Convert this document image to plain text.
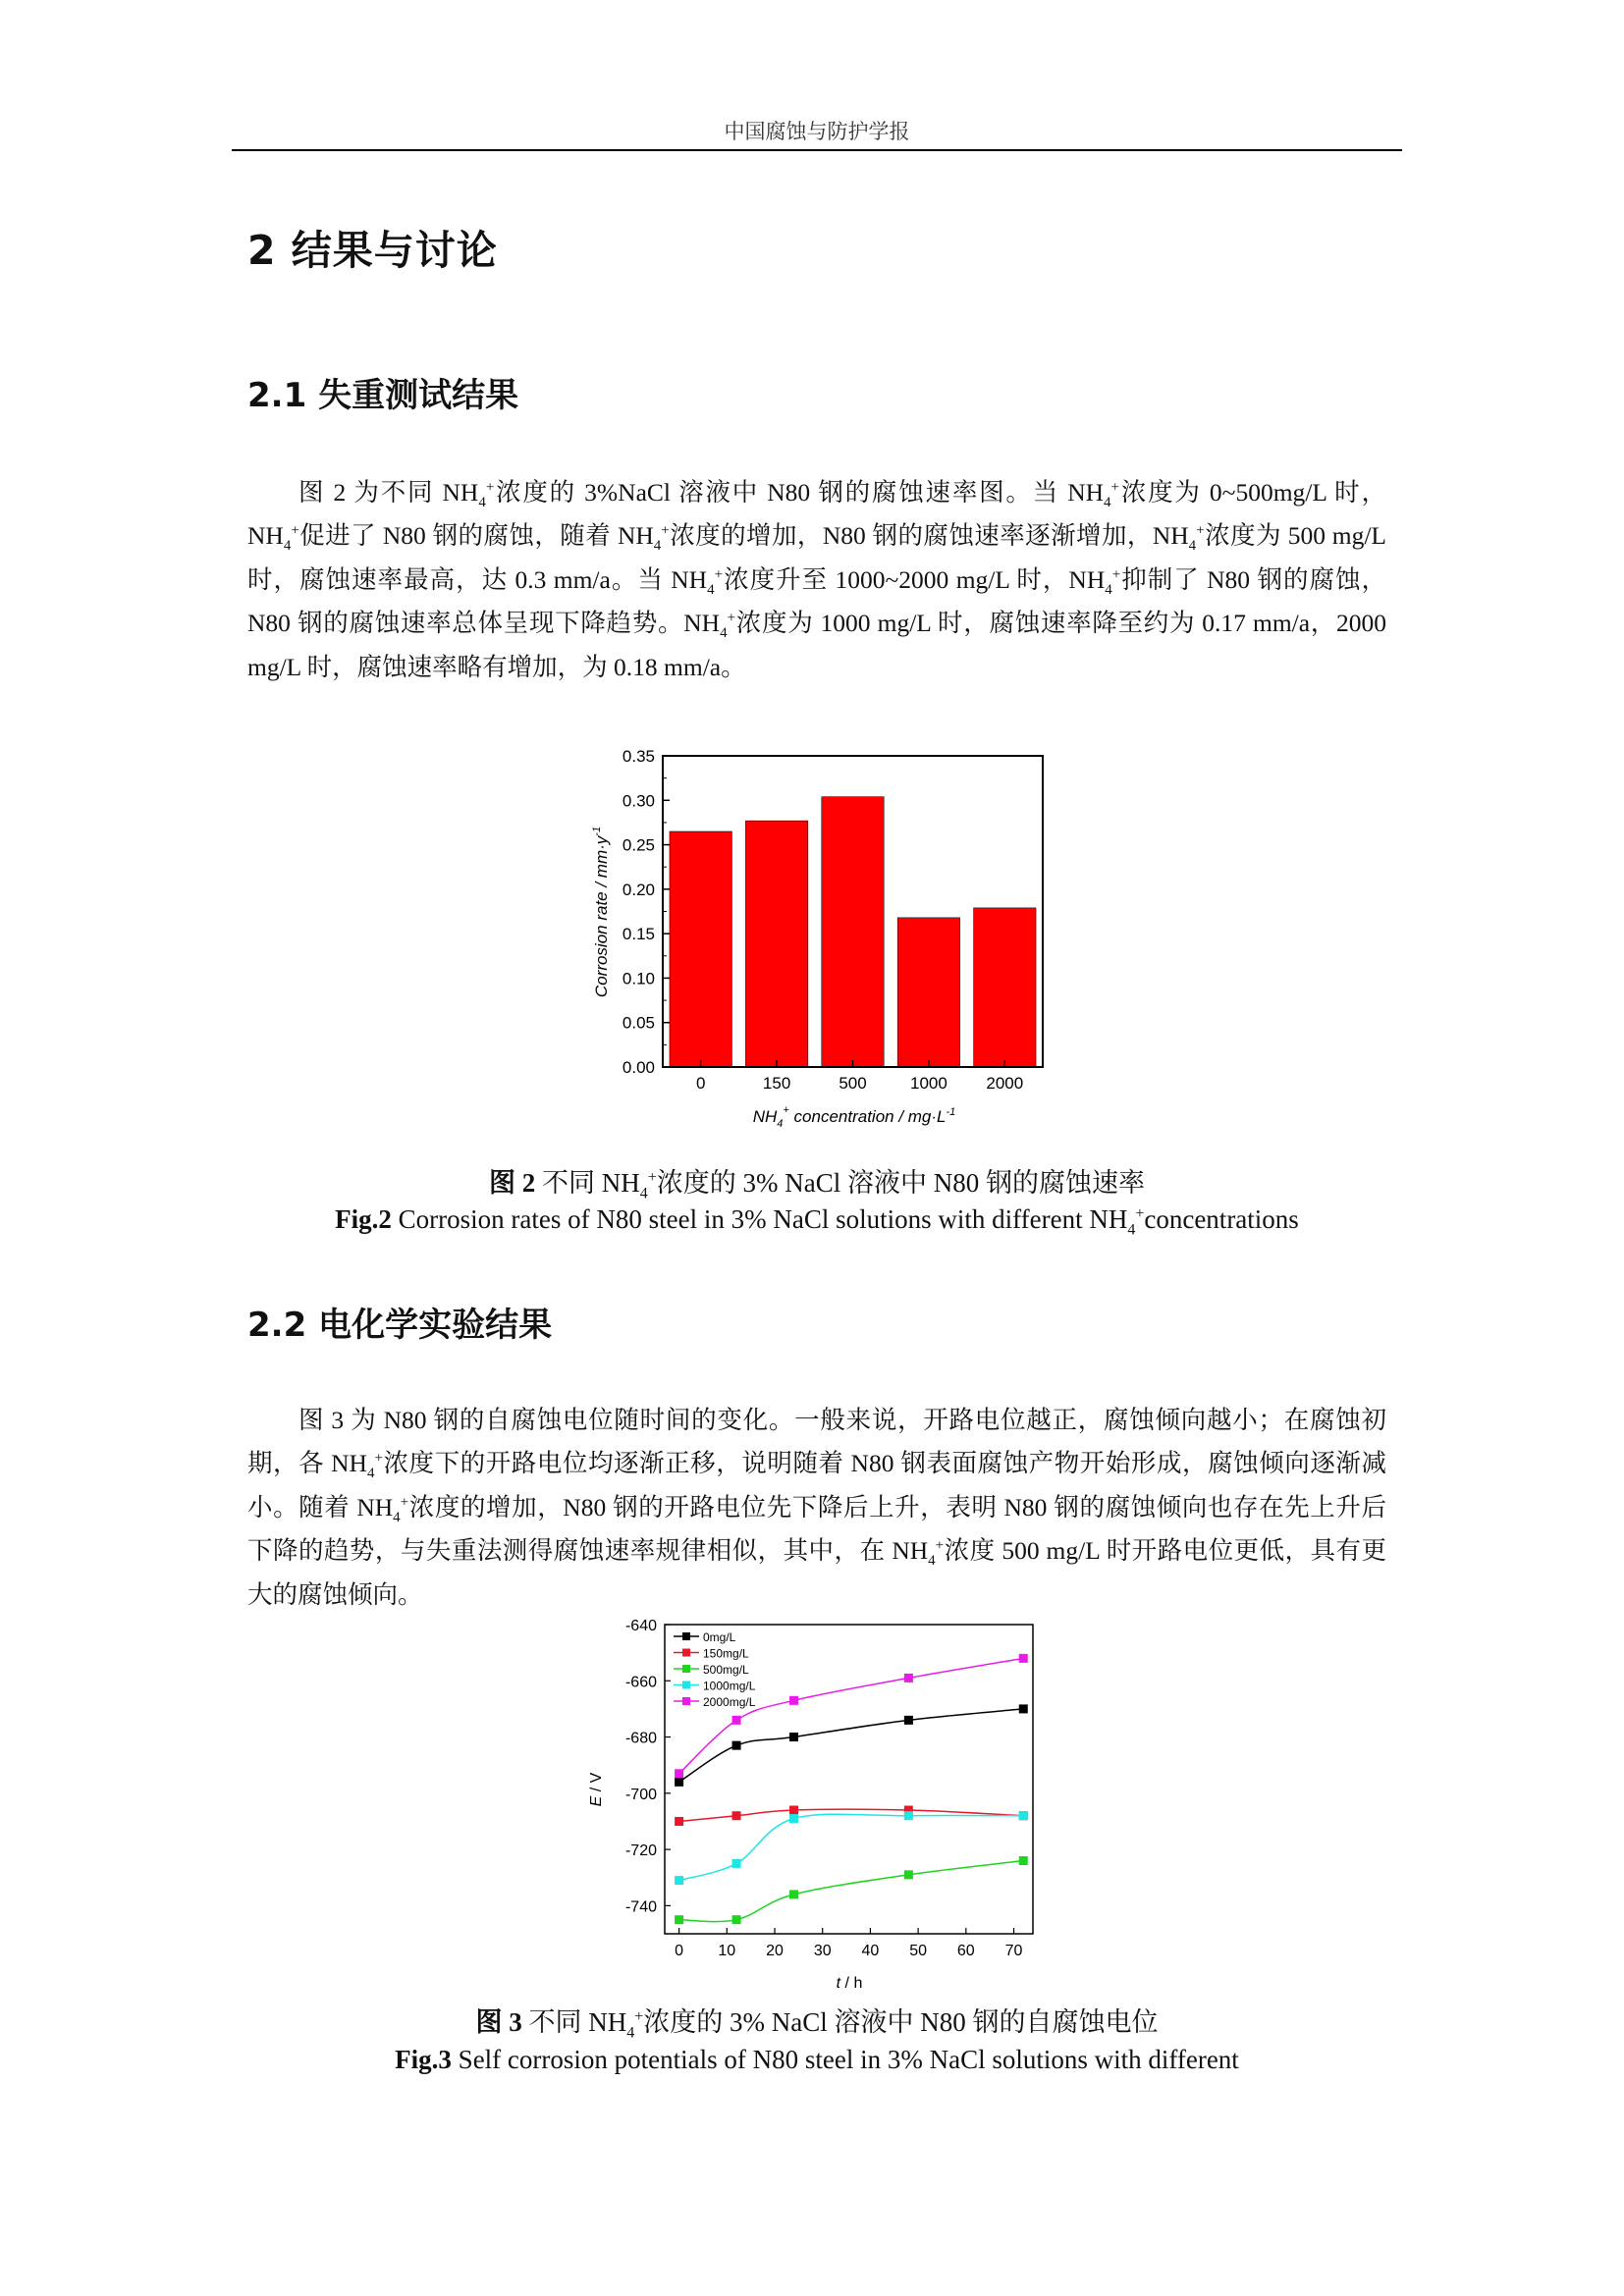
中国腐蚀与防护学报
2 结果与讨论
2.1 失重测试结果

图 2 为不同 $NH_4^+$浓度的 3%NaCl 溶液中 N80 钢的腐蚀速率图。当 $NH_4^+$浓度为 0~500mg/L 时，$NH_4^+$促进了 N80 钢的腐蚀，随着 $NH_4^+$浓度的增加，N80 钢的腐蚀速率逐渐增加，$NH_4^+$浓度为 500 mg/L 时，腐蚀速率最高，达 0.3 mm/a。当 $NH_4^+$浓度升至 1000~2000 mg/L 时，$NH_4^+$抑制了 N80 钢的腐蚀，N80 钢的腐蚀速率总体呈现下降趋势。$NH_4^+$浓度为 1000 mg/L 时，腐蚀速率降至约为 0.17 mm/a，2000 mg/L 时，腐蚀速率略有增加，为 0.18 mm/a。

0.00
0.05
0.10
0.15
0.20
0.25
0.30
0.35
0	150	500	1000 2000
Corrosion rate / $mm\cdot y^{-1}$
$NH_4^+$ concentration / $mg\cdot L^{-1}$

图 2 不同 $NH_4^+$浓度的 3% NaCl 溶液中 N80 钢的腐蚀速率

Fig.2 Corrosion rates of N80 steel in 3% NaCl solutions with different $NH_4^+concentrations$

2.2 电化学实验结果

图 3 为 N80 钢的自腐蚀电位随时间的变化。一般来说，开路电位越正，腐蚀倾向越小；在腐蚀初期，各 $NH_4^+$浓度下的开路电位均逐渐正移，说明随着 N80 钢表面腐蚀产物开始形成，腐蚀倾向逐渐减小。随着 $NH_4^+$浓度的增加，N80 钢的开路电位先下降后上升，表明 N80 钢的腐蚀倾向也存在先上升后下降的趋势，与失重法测得腐蚀速率规律相似，其中，在 $NH_4^+$浓度 500 mg/L 时开路电位更低，具有更大的腐蚀倾向。

-640
-660
-680
-700
-720
-740
0 10 20 30 40 50 60 70
0mg/L
150mg/L
500mg/L
1000mg/L
2000mg/L
E / V
t / h

图 3 不同 $NH_4^+$浓度的 3% NaCl 溶液中 N80 钢的自腐蚀电位

Fig.3 Self corrosion potentials of N80 steel in 3% NaCl solutions with different
